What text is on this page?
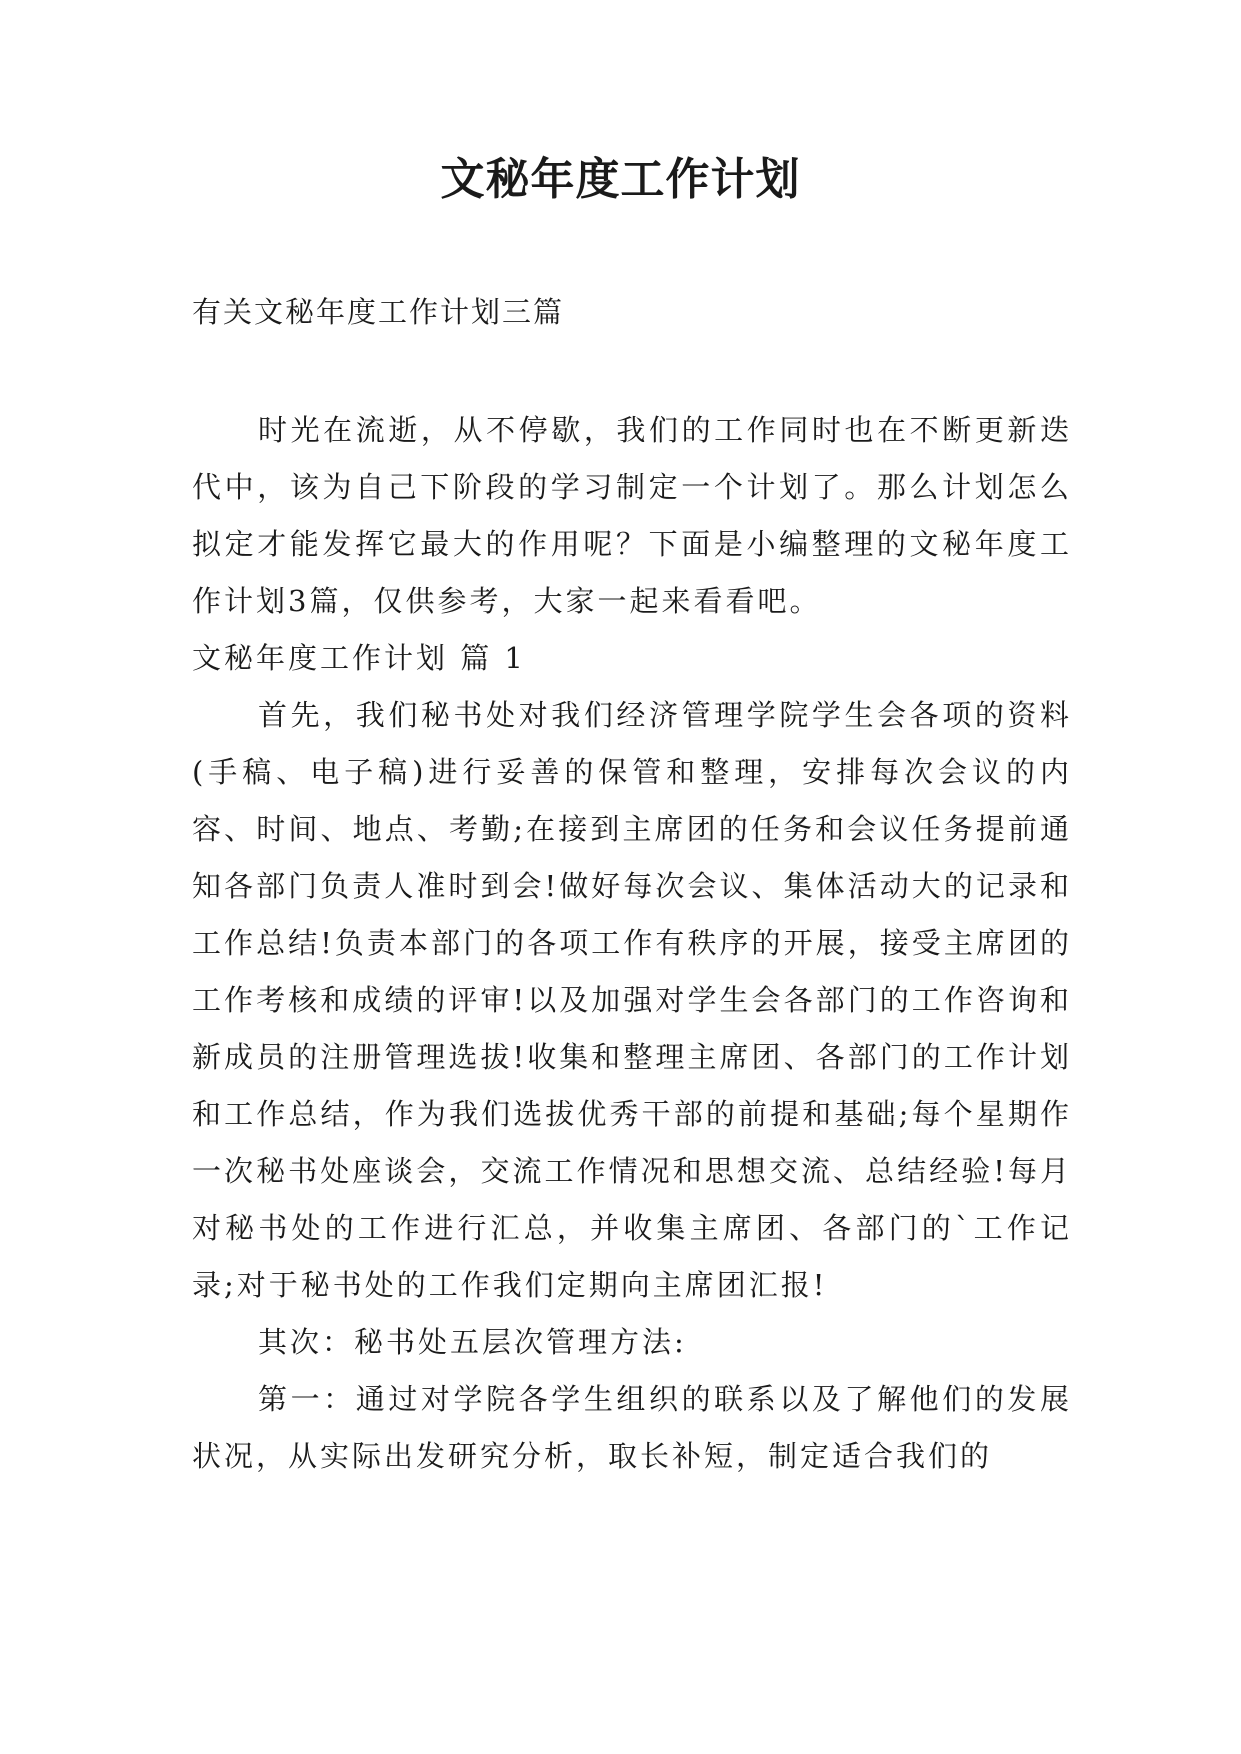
文秘年度工作计划

有关文秘年度工作计划三篇

时光在流逝，从不停歇，我们的工作同时也在不断更新迭代中，该为自己下阶段的学习制定一个计划了。那么计划怎么拟定才能发挥它最大的作用呢？下面是小编整理的文秘年度工作计划3篇，仅供参考，大家一起来看看吧。

文秘年度工作计划 篇 1

首先，我们秘书处对我们经济管理学院学生会各项的资料(手稿、电子稿)进行妥善的保管和整理，安排每次会议的内容、时间、地点、考勤;在接到主席团的任务和会议任务提前通知各部门负责人准时到会!做好每次会议、集体活动大的记录和工作总结!负责本部门的各项工作有秩序的开展，接受主席团的工作考核和成绩的评审!以及加强对学生会各部门的工作咨询和新成员的注册管理选拔!收集和整理主席团、各部门的工作计划和工作总结，作为我们选拔优秀干部的前提和基础;每个星期作一次秘书处座谈会，交流工作情况和思想交流、总结经验!每月对秘书处的工作进行汇总，并收集主席团、各部门的`工作记录;对于秘书处的工作我们定期向主席团汇报!

其次：秘书处五层次管理方法:

第一：通过对学院各学生组织的联系以及了解他们的发展状况，从实际出发研究分析，取长补短，制定适合我们的
